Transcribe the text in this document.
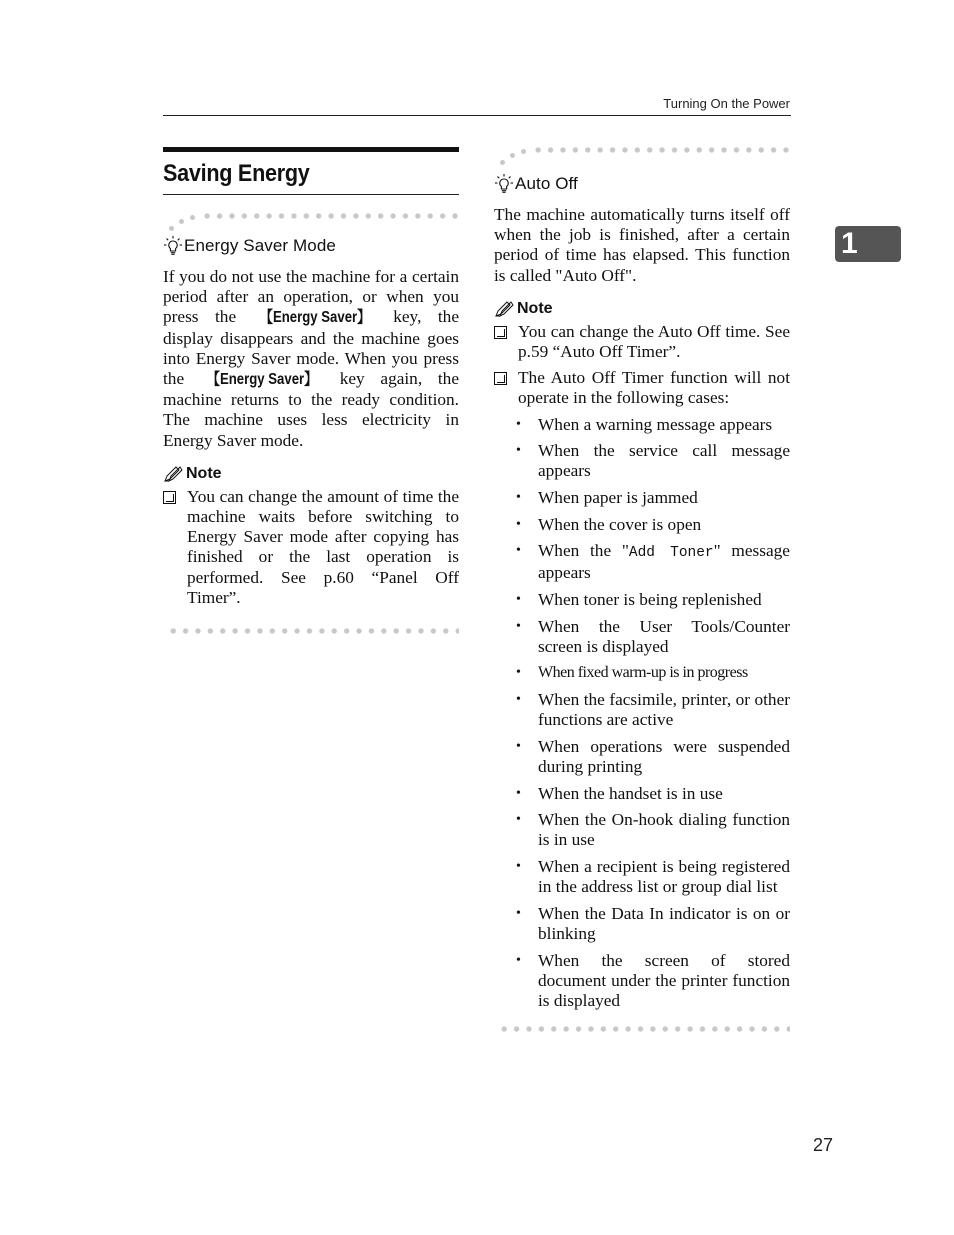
Turning On the Power
Saving Energy
Energy Saver Mode

If you do not use the machine for a certain period after an operation, or when you press the 【Energy Saver】 key, the display disappears and the machine goes into Energy Saver mode. When you press the 【Energy Saver】 key again, the machine returns to the ready condition. The machine uses less electricity in Energy Saver mode.

Note
You can change the amount of time the machine waits before switching to Energy Saver mode after copying has finished or the last operation is performed. See p.60 “Panel Off Timer”.
Auto Off

The machine automatically turns itself off when the job is finished, after a certain period of time has elapsed. This function is called "Auto Off".

Note
You can change the Auto Off time. See p.59 “Auto Off Timer”.
The Auto Off Timer function will not operate in the following cases:
• When a warning message appears
• When the service call message appears
• When paper is jammed
• When the cover is open
• When the "Add Toner" message appears
• When toner is being replenished
• When the User Tools/Counter screen is displayed
•	When fixed warm-up is in progress
• When the facsimile, printer, or other functions are active
• When operations were suspended during printing
• When the handset is in use
• When the On-hook dialing function is in use
• When a recipient is being registered in the address list or group dial list
• When the Data In indicator is on or blinking
• When the screen of stored document under the printer function is displayed
1
27
